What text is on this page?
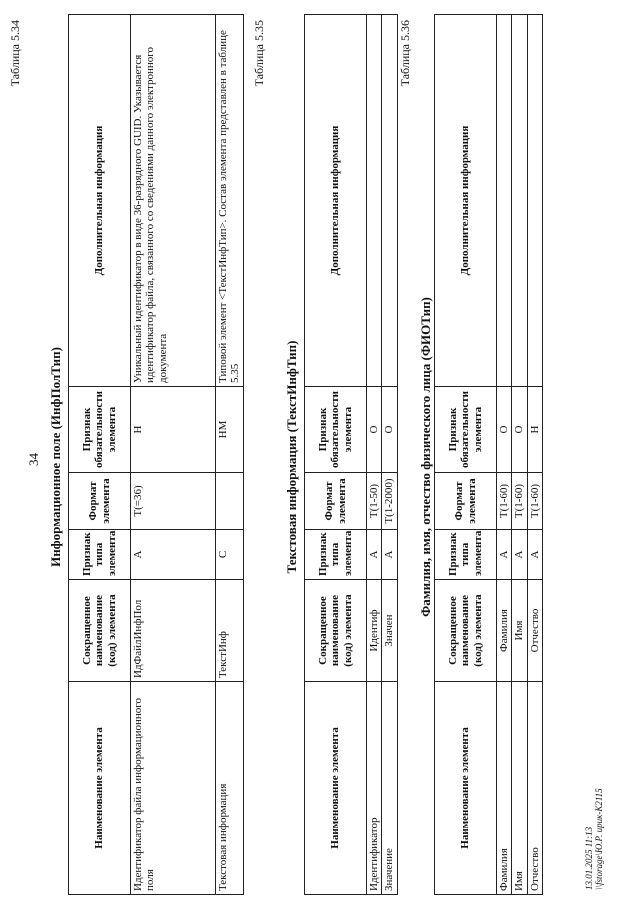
34
Таблица 5.34
Информационное поле (ИнфПолТип)
Наименование элемента	Сокращенное наименование (код) элемента	Признак типа элемента	Формат элемента	Признак обязательности элемента	Дополнительная информация
Идентификатор файла информационного поля	ИдФайлИнфПол	А	Т(=36)	Н	Уникальный идентификатор в виде 36-разрядного GUID. Указывается идентификатор файла, связанного со сведениями данного электронного документа
Текстовая информация	ТекстИнф	С		НМ	Типовой элемент <ТекстИнфТип>. Состав элемента представлен в таблице 5.35
Таблица 5.35
Текстовая информация (ТекстИнфТип)
Наименование элемента	Сокращенное наименование (код) элемента	Признак типа элемента	Формат элемента	Признак обязательности элемента	Дополнительная информация
Идентификатор	Идентиф	А	Т(1-50)	О	
Значение	Значен	А	Т(1-2000)	О	
Таблица 5.36
Фамилия, имя, отчество физического лица (ФИОТип)
Наименование элемента	Сокращенное наименование (код) элемента	Признак типа элемента	Формат элемента	Признак обязательности элемента	Дополнительная информация
Фамилия	Фамилия	А	Т(1-60)	О	
Имя	Имя	А	Т(1-60)	О	
Отчество	Отчество	А	Т(1-60)	Н	
13.01.2025 11:13 \\fstorage\Ю.Р. ирик-К2115
